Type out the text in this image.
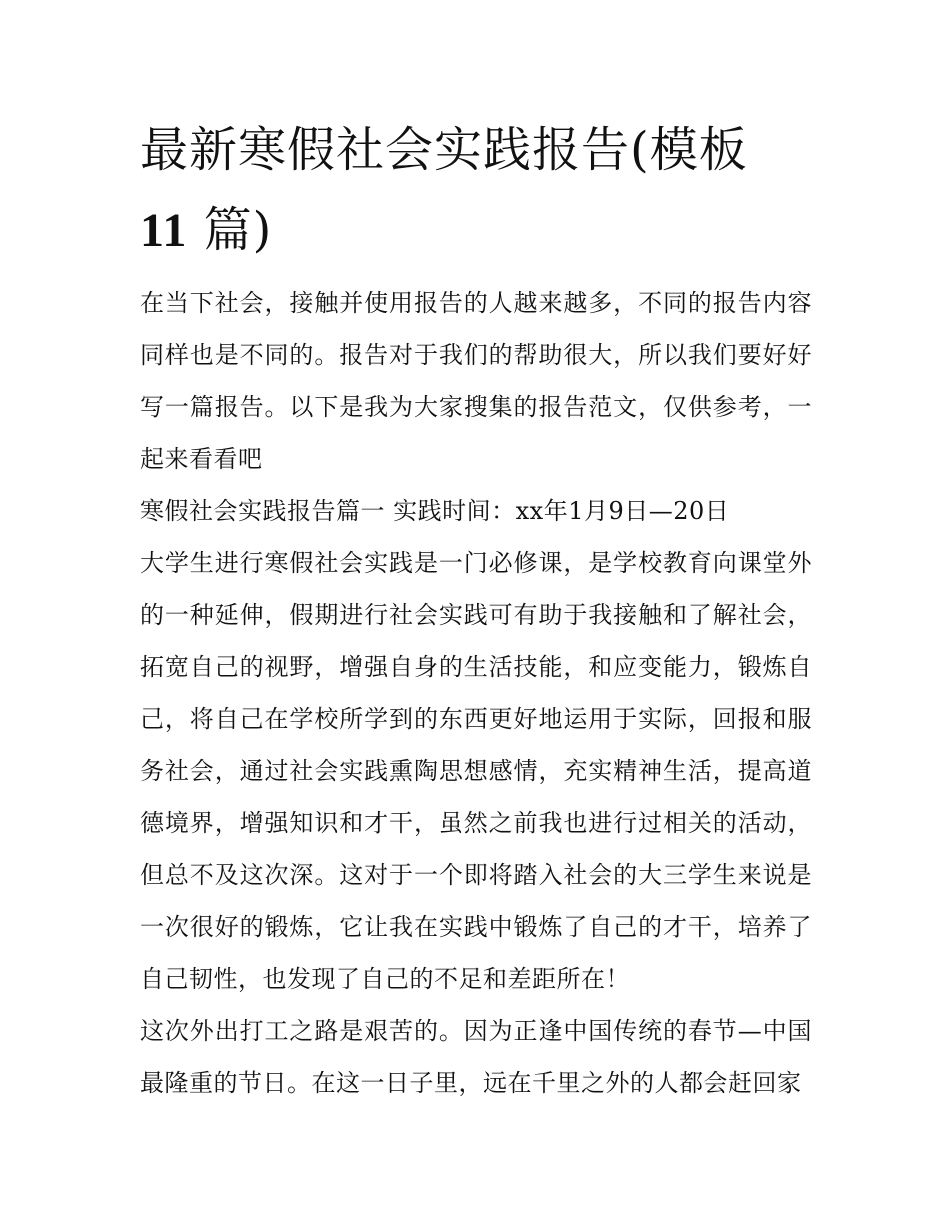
最新寒假社会实践报告(模板
11 篇)

在当下社会，接触并使用报告的人越来越多，不同的报告内容同样也是不同的。报告对于我们的帮助很大，所以我们要好好写一篇报告。以下是我为大家搜集的报告范文，仅供参考，一起来看看吧

寒假社会实践报告篇一 实践时间：xx年1月9日—20日

大学生进行寒假社会实践是一门必修课，是学校教育向课堂外的一种延伸，假期进行社会实践可有助于我接触和了解社会，拓宽自己的视野，增强自身的生活技能，和应变能力，锻炼自己，将自己在学校所学到的东西更好地运用于实际，回报和服务社会，通过社会实践熏陶思想感情，充实精神生活，提高道德境界，增强知识和才干，虽然之前我也进行过相关的活动，但总不及这次深。这对于一个即将踏入社会的大三学生来说是一次很好的锻炼，它让我在实践中锻炼了自己的才干，培养了自己韧性，也发现了自己的不足和差距所在！

这次外出打工之路是艰苦的。因为正逢中国传统的春节—中国最隆重的节日。在这一日子里，远在千里之外的人都会赶回家
